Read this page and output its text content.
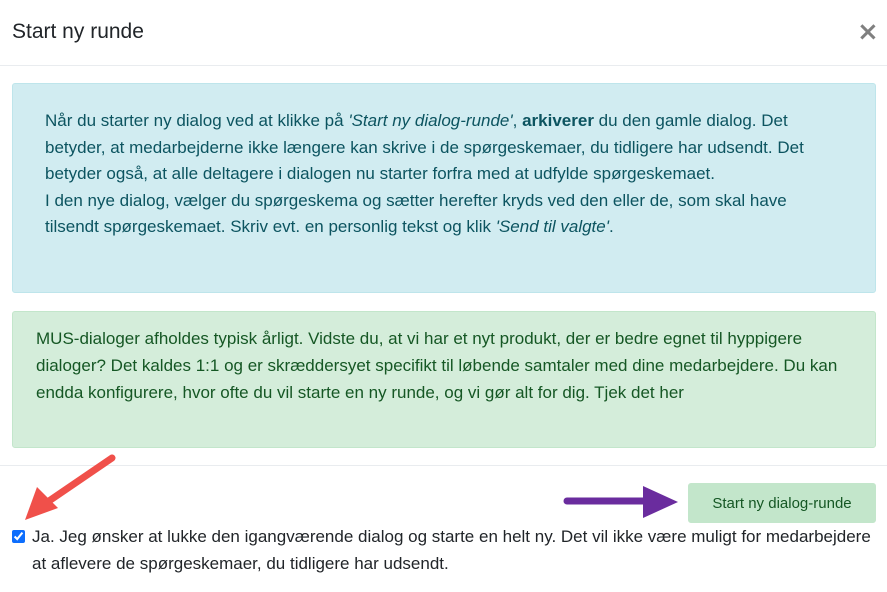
Start ny runde	×

Når du starter ny dialog ved at klikke på 'Start ny dialog-runde', arkiverer du den gamle dialog. Det betyder, at medarbejderne ikke længere kan skrive i de spørgeskemaer, du tidligere har udsendt. Det betyder også, at alle deltagere i dialogen nu starter forfra med at udfylde spørgeskemaet.

I den nye dialog, vælger du spørgeskema og sætter herefter kryds ved den eller de, som skal have tilsendt spørgeskemaet. Skriv evt. en personlig tekst og klik 'Send til valgte'.

MUS-dialoger afholdes typisk årligt. Vidste du, at vi har et nyt produkt, der er bedre egnet til hyppigere dialoger? Det kaldes 1:1 og er skræddersyet specifikt til løbende samtaler med dine medarbejdere. Du kan endda konfigurere, hvor ofte du vil starte en ny runde, og vi gør alt for dig. Tjek det her

Start ny dialog-runde
Ja. Jeg ønsker at lukke den igangværende dialog og starte en helt ny. Det vil ikke være muligt for medarbejdere at aflevere de spørgeskemaer, du tidligere har udsendt.
